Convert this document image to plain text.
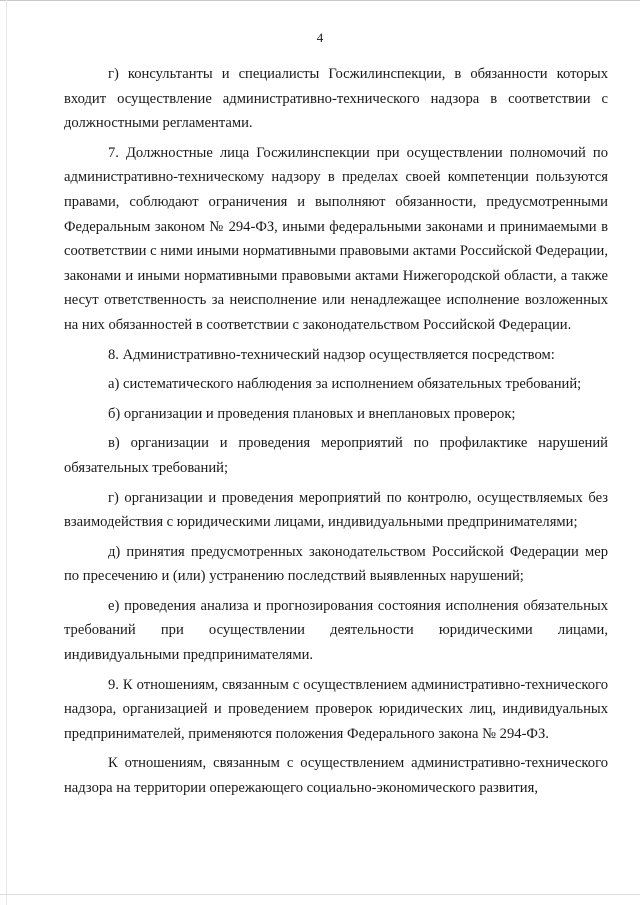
4

г) консультанты и специалисты Госжилинспекции, в обязанности которых входит осуществление административно-технического надзора в соответствии с должностными регламентами.

7. Должностные лица Госжилинспекции при осуществлении полномочий по административно-техническому надзору в пределах своей компетенции пользуются правами, соблюдают ограничения и выполняют обязанности, предусмотренными Федеральным законом № 294-ФЗ, иными федеральными законами и принимаемыми в соответствии с ними иными нормативными правовыми актами Российской Федерации, законами и иными нормативными правовыми актами Нижегородской области, а также несут ответственность за неисполнение или ненадлежащее исполнение возложенных на них обязанностей в соответствии с законодательством Российской Федерации.

8. Административно-технический надзор осуществляется посредством:

а) систематического наблюдения за исполнением обязательных требований;

б) организации и проведения плановых и внеплановых проверок;

в) организации и проведения мероприятий по профилактике нарушений обязательных требований;

г) организации и проведения мероприятий по контролю, осуществляемых без взаимодействия с юридическими лицами, индивидуальными предпринимателями;

д) принятия предусмотренных законодательством Российской Федерации мер по пресечению и (или) устранению последствий выявленных нарушений;

е) проведения анализа и прогнозирования состояния исполнения обязательных требований при осуществлении деятельности юридическими лицами, индивидуальными предпринимателями.

9. К отношениям, связанным с осуществлением административно-технического надзора, организацией и проведением проверок юридических лиц, индивидуальных предпринимателей, применяются положения Федерального закона № 294-ФЗ.

К отношениям, связанным с осуществлением административно-технического надзора на территории опережающего социально-экономического развития,
